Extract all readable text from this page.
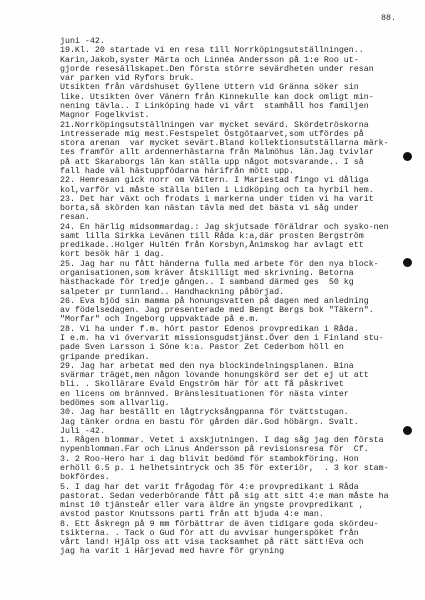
88.
juni -42.
19.Kl. 20 startade vi en resa till Norrköpingsutställningen..
Karin,Jakob,syster Märta och Linnéa Andersson på 1:e Roo ut-
gjorde resesällskapet.Den första större sevärdheten under resan
var parken vid Ryfors bruk.
Utsikten från värdshuset Gyllene Uttern vid Gränna söker sin
like. Utsikten över Vänern från Kinnekulle kan dock omligt min-
nening tävla.. I Linköping hade vi vårt  stamhåll hos familjen
Magnor Fogelkvist.
21.Norrköpingsutställningen var mycket sevärd. Skördetröskorna
intresserade mig mest.Festspelet Östgötaarvet,som utfördes på
stora arenan  var mycket sevärt.Bland kollektionsutställarna märk-
tes framför allt ardennerhästarna från Malmöhus län.Jag tvivlar
på att Skaraborgs län kan ställa upp något motsvarande.. I så
fall hade väl hästuppfödarna härifrån mött upp.
22. Hemresan gick norr om Vättern. I Mariestad fingo vi dåliga
kol,varför vi måste ställa bilen i Lidköping och ta hyrbil hem.
23. Det har växt och frodats i markerna under tiden vi ha varit
borta,så skörden kan nästan tävla med det bästa vi såg under
resan.
24. En härlig midsommardag.: Jag skjutsade föräldrar och sysko-nen
samt lilla Sirkka Levänen till Råda k:a,där prosten Bergström
predikade..Holger Hultén från Korsbyn,Ånimskog har avlagt ett
kort besök här i dag.
25. Jag har nu fått händerna fulla med arbete för den nya block-
organisationen,som kräver åtskilligt med skrivning. Betorna
hästhackade för tredje gången.. I samband därmed ges  50 kg
salpeter pr tunnland.. Handhackning påbörjad.
26. Eva bjöd sin mamma på honungsvatten på dagen med anledning
av födelsedagen. Jag presenterade med Bengt Bergs bok "Täkern".
"Morfar" och Ingeborg uppvaktade på e.m.
28. Vi ha under f.m. hört pastor Edenos provpredikan i Råda.
I e.m. ha vi övervarit missionsgudstjänst.Över den i Finland stu-
pade Sven Larsson i Söne k:a. Pastor Zet Cederbom höll en
gripande predikan.
29. Jag har arbetat med den nya blockindelningsplanen. Bina
svärmar träget,men någon lovande honungskörd ser det ej ut att
bli. . Skollärare Evald Engström här för att få påskrivet
en licens om brännved. Bränslesituationen för nästa vinter
bedömes som allvarlig.
30. Jag har beställt en lågtrycksångpanna för tvättstugan.
Jag tänker ordna en bastu för gården där.God höbärgn. Svalt.
Juli -42.
1. Rågen blommar. Vetet i axskjutningen. I dag såg jag den första
nypenblomman.Far och Linus Andersson på revisionsresa för  Cf.
3. 2 Roo-Hero har i dag blivit bedömd för stambokföring. Hon
erhöll 6.5 p. i helhetsintryck och 35 för exteriör,  . 3 kor stam-
bokfördes.
5. I dag har det varit frågodag för 4:e provpredikant i Råda
pastorat. Sedan vederbörande fått på sig att sitt 4:e man måste ha
minst 10 tjänsteår eller vara äldre än yngste provpredikant ,
avstod pastor Knutssons parti från att bjuda 4:e man.
8. Ett åskregn på 9 mm förbättrar de även tidigare goda skördeu-
tsikterna. . Tack o Gud för att du avvisar hungerspöket från
vårt land! Hjälp oss att visa tacksamhet på rätt sätt!Eva och
jag ha varit i Härjevad med havre för gryning
